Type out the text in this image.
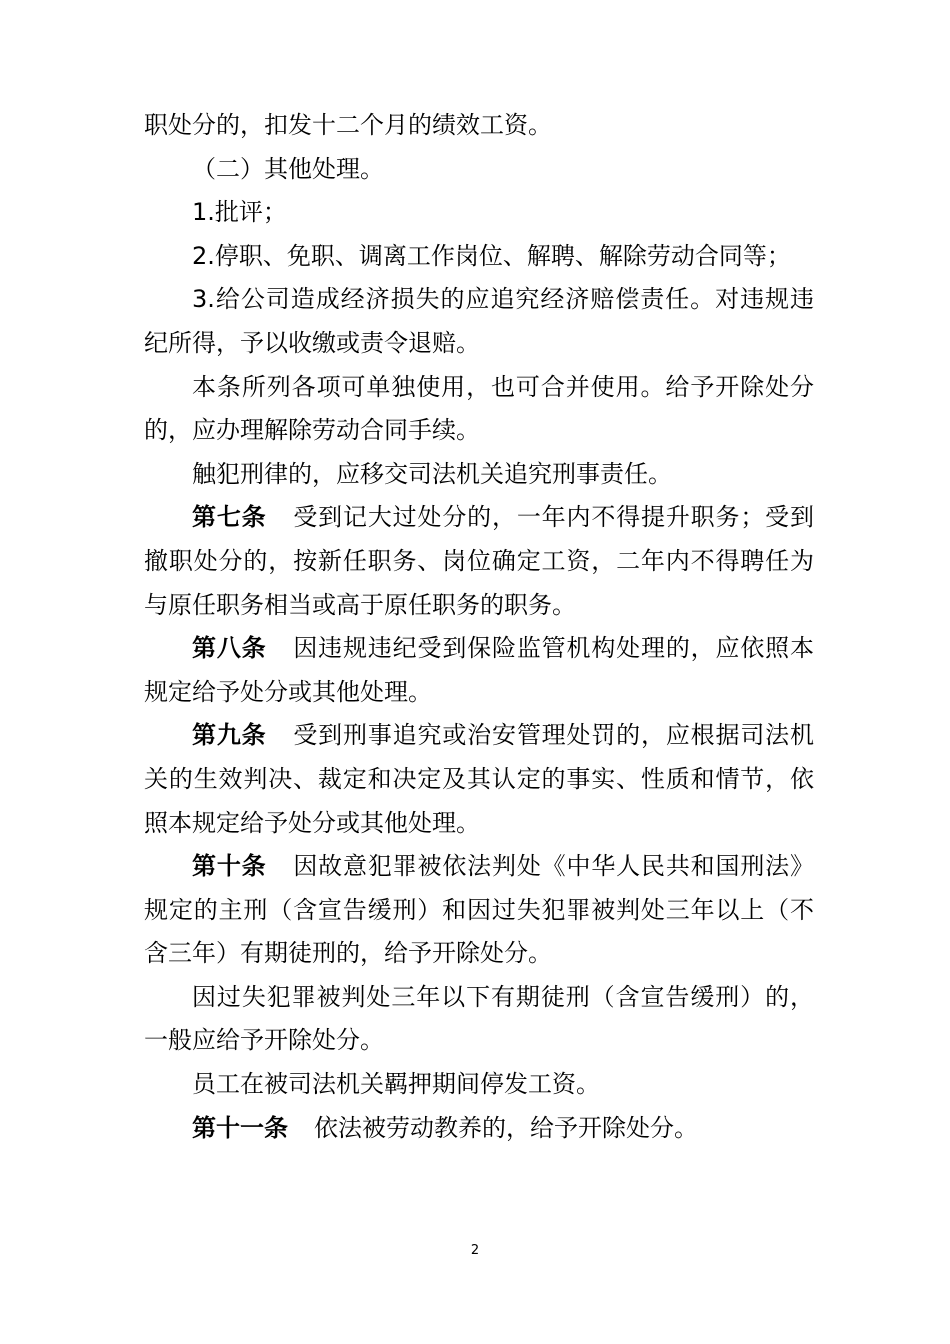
职处分的，扣发十二个月的绩效工资。

（二）其他处理。

1.批评；

2.停职、免职、调离工作岗位、解聘、解除劳动合同等；

3.给公司造成经济损失的应追究经济赔偿责任。对违规违纪所得，予以收缴或责令退赔。

本条所列各项可单独使用，也可合并使用。给予开除处分的，应办理解除劳动合同手续。

触犯刑律的，应移交司法机关追究刑事责任。

第七条 受到记大过处分的，一年内不得提升职务；受到撤职处分的，按新任职务、岗位确定工资，二年内不得聘任为与原任职务相当或高于原任职务的职务。

第八条 因违规违纪受到保险监管机构处理的，应依照本规定给予处分或其他处理。

第九条 受到刑事追究或治安管理处罚的，应根据司法机关的生效判决、裁定和决定及其认定的事实、性质和情节，依照本规定给予处分或其他处理。

第十条 因故意犯罪被依法判处《中华人民共和国刑法》规定的主刑（含宣告缓刑）和因过失犯罪被判处三年以上（不含三年）有期徒刑的，给予开除处分。

因过失犯罪被判处三年以下有期徒刑（含宣告缓刑）的，一般应给予开除处分。

员工在被司法机关羁押期间停发工资。

第十一条 依法被劳动教养的，给予开除处分。

2
